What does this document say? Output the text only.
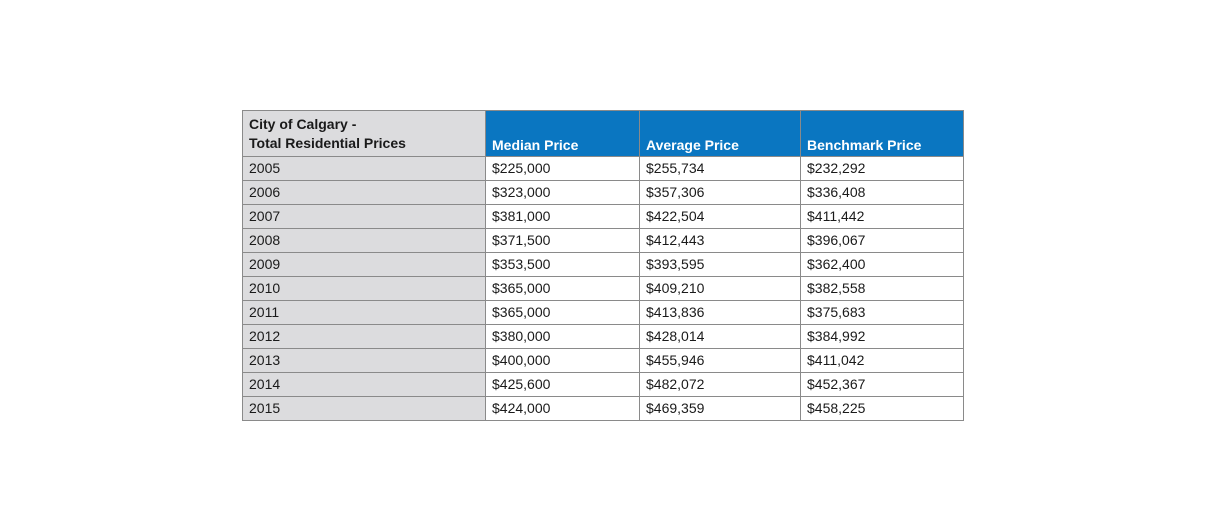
City of Calgary -
Total Residential Prices	Median Price	Average Price	Benchmark Price
2005	$225,000	$255,734	$232,292
2006	$323,000	$357,306	$336,408
2007	$381,000	$422,504	$411,442
2008	$371,500	$412,443	$396,067
2009	$353,500	$393,595	$362,400
2010	$365,000	$409,210	$382,558
2011	$365,000	$413,836	$375,683
2012	$380,000	$428,014	$384,992
2013	$400,000	$455,946	$411,042
2014	$425,600	$482,072	$452,367
2015	$424,000	$469,359	$458,225
